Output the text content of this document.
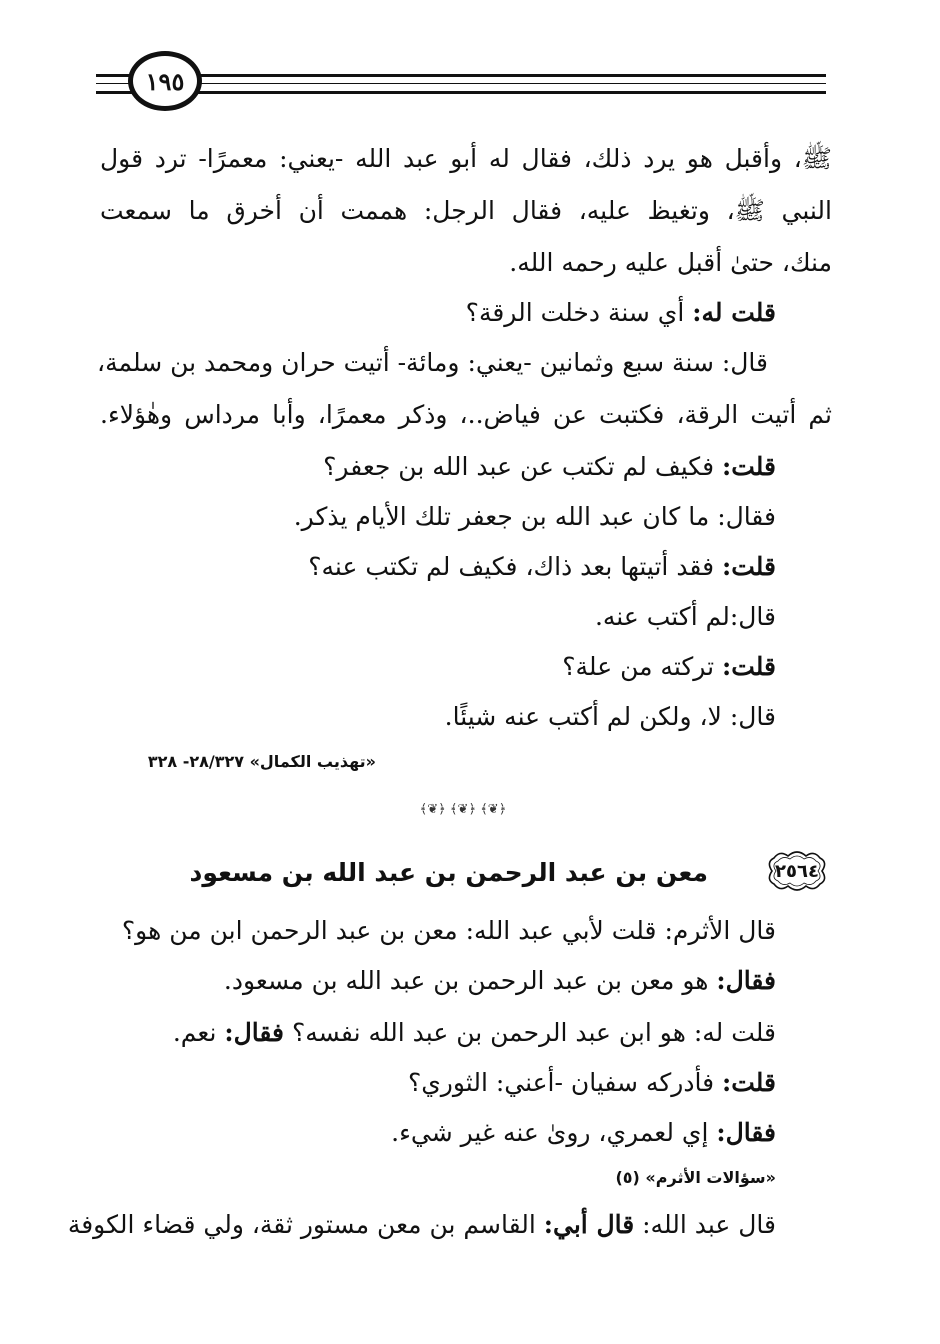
١٩٥
ﷺ، وأقبل هو يرد ذلك، فقال له أبو عبد الله -يعني: معمرًا- ترد قول
النبي ﷺ، وتغيظ عليه، فقال الرجل: هممت أن أخرق ما سمعت
منك، حتىٰ أقبل عليه رحمه الله.
قلت له: أي سنة دخلت الرقة؟
قال: سنة سبع وثمانين -يعني: ومائة- أتيت حران ومحمد بن سلمة،
ثم أتيت الرقة، فكتبت عن فياض..، وذكر معمرًا، وأبا مرداس وهٰؤلاء.
قلت: فكيف لم تكتب عن عبد الله بن جعفر؟
فقال: ما كان عبد الله بن جعفر تلك الأيام يذكر.
قلت: فقد أتيتها بعد ذاك، فكيف لم تكتب عنه؟
قال:لم أكتب عنه.
قلت: تركته من علة؟
قال: لا، ولكن لم أكتب عنه شيئًا.
«تهذيب الكمال» ٢٨/٣٢٧- ٣٢٨
﴾❦﴿ ﴾❦﴿ ﴾❦﴿
٢٥٦٤
معن بن عبد الرحمن بن عبد الله بن مسعود
قال الأثرم: قلت لأبي عبد الله: معن بن عبد الرحمن ابن من هو؟
فقال: هو معن بن عبد الرحمن بن عبد الله بن مسعود.
قلت له: هو ابن عبد الرحمن بن عبد الله نفسه؟ فقال: نعم.
قلت: فأدركه سفيان -أعني: الثوري؟
فقال: إي لعمري، رویٰ عنه غير شيء.
«سؤالات الأثرم» (٥)
قال عبد الله: قال أبي: القاسم بن معن مستور ثقة، ولي قضاء الكوفة
